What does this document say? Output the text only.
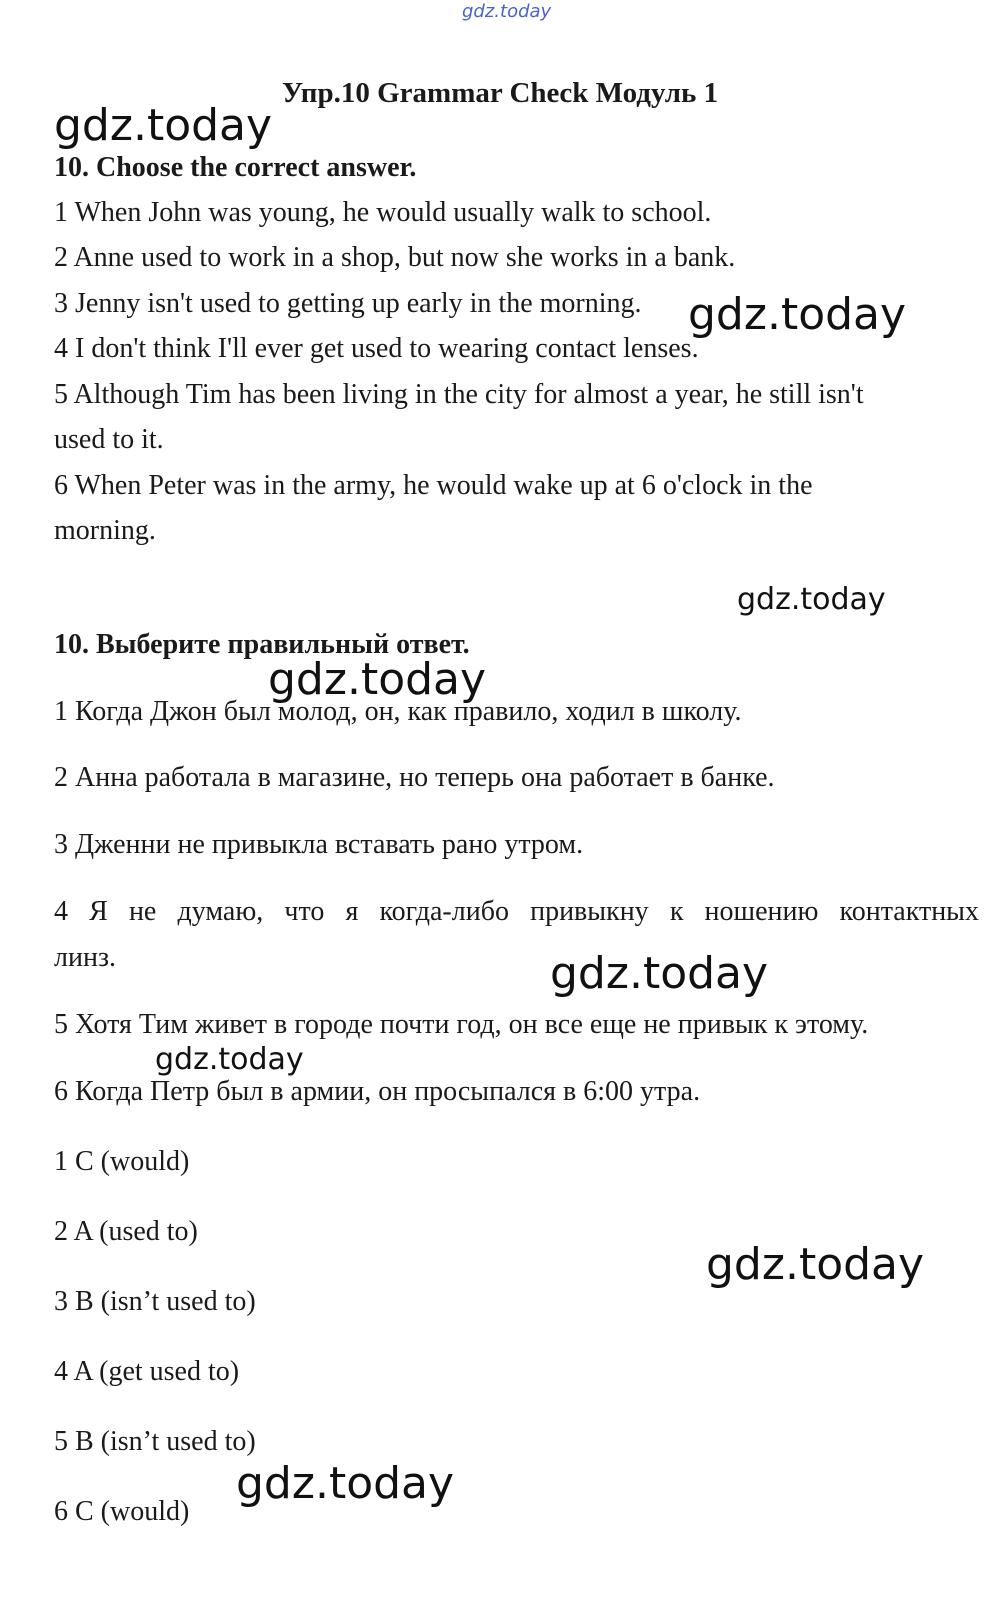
gdz.today
Упр.10 Grammar Check Модуль 1
gdz.today
10. Choose the correct answer.
1 When John was young, he would usually walk to school.
2 Anne used to work in a shop, but now she works in a bank.
3 Jenny isn't used to getting up early in the morning. gdz.today
4 I don't think I'll ever get used to wearing contact lenses.
5 Although Tim has been living in the city for almost a year, he still isn't
used to it.
6 When Peter was in the army, he would wake up at 6 o'clock in the
morning.
gdz.today
10. Выберите правильный ответ.
gdz.today
1 Когда Джон был молод, он, как правило, ходил в школу.
2 Анна работала в магазине, но теперь она работает в банке.
3 Дженни не привыкла вставать рано утром.
4 Я не думаю, что я когда-либо привыкну к ношению контактных
линз.	gdz.today
5 Хотя Тим живет в городе почти год, он все еще не привык к этому.
gdz.today
6 Когда Петр был в армии, он просыпался в 6:00 утра.
1 C (would)
2 A (used to)
gdz.today
3 B (isn’t used to)
4 A (get used to)
5 B (isn’t used to)
gdz.today
6 C (would)
